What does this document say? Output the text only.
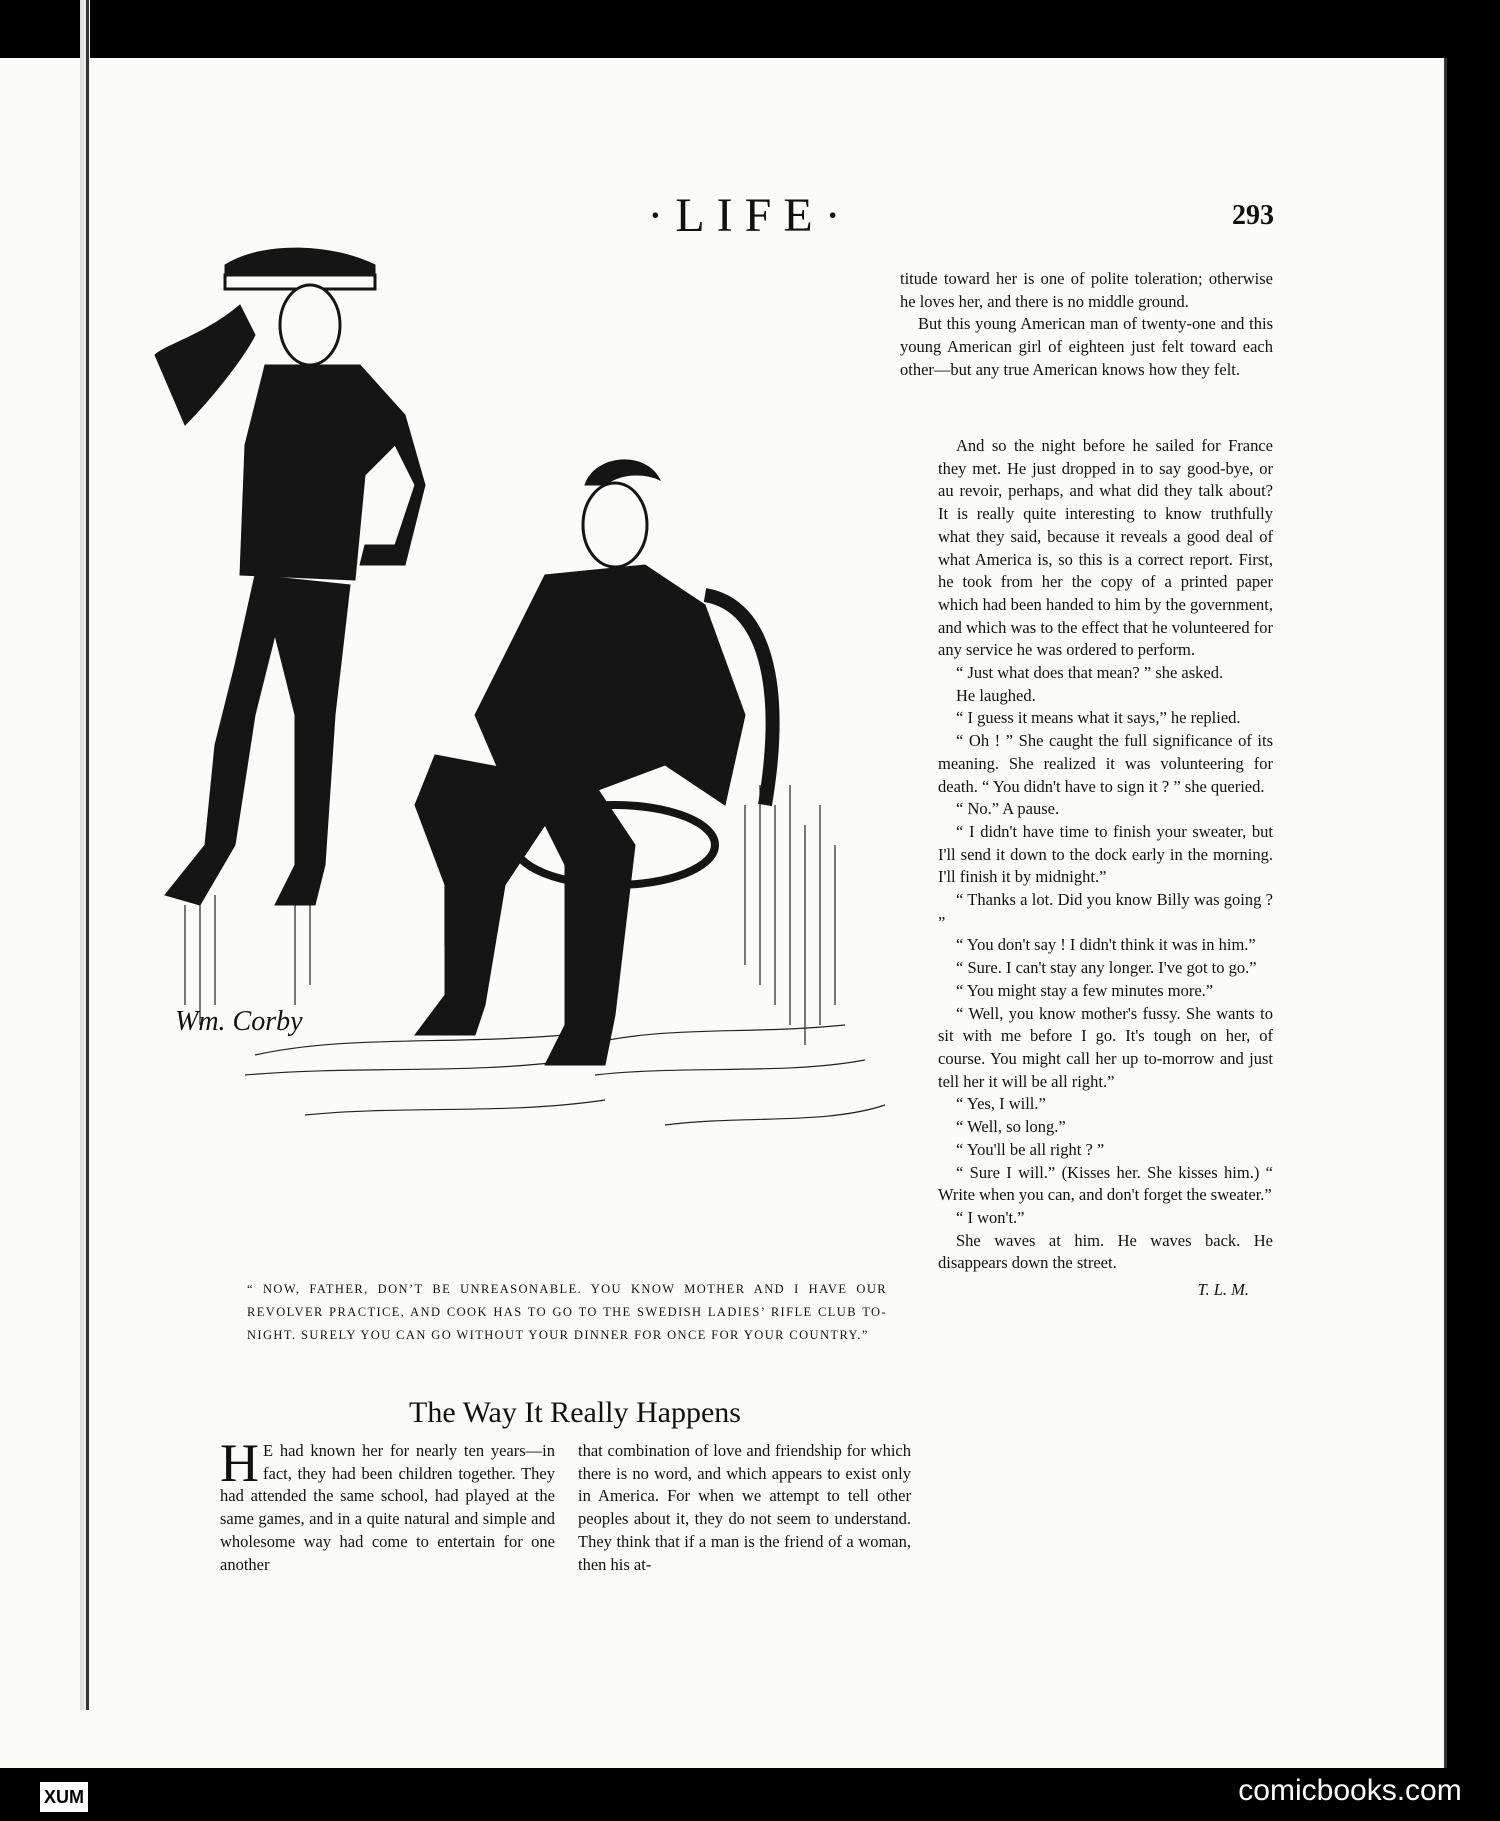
·LIFE·	293
Wm. Corby
“ NOW, FATHER, DON’T BE UNREASONABLE. YOU KNOW MOTHER AND I HAVE OUR REVOLVER PRACTICE, AND COOK HAS TO GO TO THE SWEDISH LADIES’ RIFLE CLUB TO-NIGHT. SURELY YOU CAN GO WITHOUT YOUR DINNER FOR ONCE FOR YOUR COUNTRY.”
The Way It Really Happens

H E had known her for nearly ten years—in fact, they had been children together. They had attended the same school, had played at the same games, and in a quite natural and simple and wholesome way had come to entertain for one another

that combination of love and friendship for which there is no word, and which appears to exist only in America. For when we attempt to tell other peoples about it, they do not seem to understand. They think that if a man is the friend of a woman, then his at-

titude toward her is one of polite toleration; otherwise he loves her, and there is no middle ground.

But this young American man of twenty-one and this young American girl of eighteen just felt toward each other—but any true American knows how they felt.

And so the night before he sailed for France they met. He just dropped in to say good-bye, or au revoir, perhaps, and what did they talk about? It is really quite interesting to know truthfully what they said, because it reveals a good deal of what America is, so this is a correct report. First, he took from her the copy of a printed paper which had been handed to him by the government, and which was to the effect that he volunteered for any service he was ordered to perform.

“ Just what does that mean? ” she asked.

He laughed.

“ I guess it means what it says,” he replied.

“ Oh ! ” She caught the full significance of its meaning. She realized it was volunteering for death. “ You didn't have to sign it ? ” she queried.

“ No.” A pause.

“ I didn't have time to finish your sweater, but I'll send it down to the dock early in the morning. I'll finish it by midnight.”

“ Thanks a lot. Did you know Billy was going ? ”

“ You don't say ! I didn't think it was in him.”

“ Sure. I can't stay any longer. I've got to go.”

“ You might stay a few minutes more.”

“ Well, you know mother's fussy. She wants to sit with me before I go. It's tough on her, of course. You might call her up to-morrow and just tell her it will be all right.”

“ Yes, I will.”

“ Well, so long.”

“ You'll be all right ? ”

“ Sure I will.” (Kisses her. She kisses him.) “ Write when you can, and don't forget the sweater.”

“ I won't.”

She waves at him. He waves back. He disappears down the street.

T. L. M.

XUM	comicbooks.com
